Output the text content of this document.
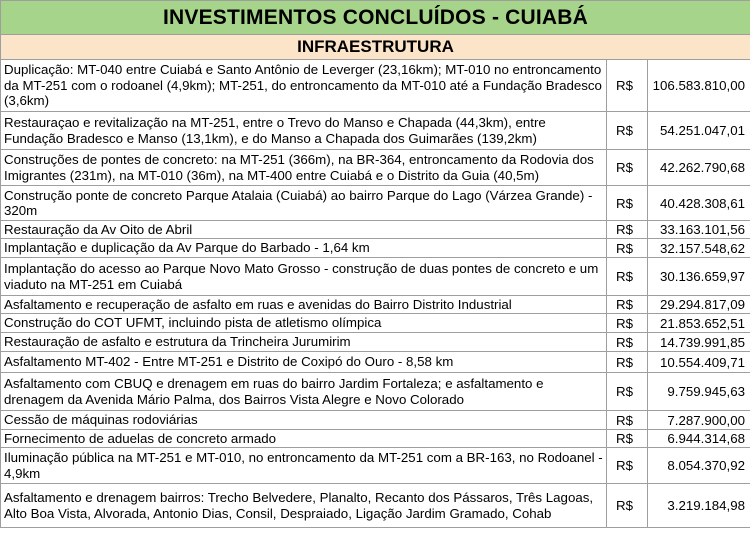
INVESTIMENTOS CONCLUÍDOS - CUIABÁ		
INFRAESTRUTURA		
Duplicação: MT-040 entre Cuiabá e Santo Antônio de Leverger (23,16km); MT-010 no entroncamento da MT-251 com o rodoanel (4,9km); MT-251, do entroncamento da MT-010 até a Fundação Bradesco (3,6km)	R$	106.583.810,00
Restauraçao e revitalização na MT-251, entre o Trevo do Manso e Chapada (44,3km), entre Fundação Bradesco e Manso (13,1km), e do Manso a Chapada dos Guimarães (139,2km)	R$	54.251.047,01
Construções de pontes de concreto: na MT-251 (366m), na BR-364, entroncamento da Rodovia dos Imigrantes (231m), na MT-010 (36m), na MT-400 entre Cuiabá e o Distrito da Guia (40,5m)	R$	42.262.790,68
Construção ponte de concreto Parque Atalaia (Cuiabá) ao bairro Parque do Lago (Várzea Grande) - 320m	R$	40.428.308,61
Restauração da Av Oito de Abril	R$	33.163.101,56
Implantação e duplicação da Av Parque do Barbado - 1,64 km	R$	32.157.548,62
Implantação do acesso ao Parque Novo Mato Grosso - construção de duas pontes de concreto e um viaduto na MT-251 em Cuiabá	R$	30.136.659,97
Asfaltamento e recuperação de asfalto em ruas e avenidas do Bairro Distrito Industrial	R$	29.294.817,09
Construção do COT UFMT, incluindo pista de atletismo olímpica	R$	21.853.652,51
Restauração de asfalto e estrutura da Trincheira Jurumirim	R$	14.739.991,85
Asfaltamento MT-402 - Entre MT-251 e Distrito de Coxipó do Ouro - 8,58 km	R$	10.554.409,71
Asfaltamento com CBUQ e drenagem em ruas do bairro Jardim Fortaleza; e asfaltamento e drenagem da Avenida Mário Palma, dos Bairros Vista Alegre e Novo Colorado	R$	9.759.945,63
Cessão de máquinas rodoviárias	R$	7.287.900,00
Fornecimento de aduelas de concreto armado	R$	6.944.314,68
Iluminação pública na MT-251 e MT-010, no entroncamento da MT-251 com a BR-163, no Rodoanel - 4,9km	R$	8.054.370,92
Asfaltamento e drenagem bairros: Trecho Belvedere, Planalto, Recanto dos Pássaros, Três Lagoas, Alto Boa Vista, Alvorada, Antonio Dias, Consil, Despraiado, Ligação Jardim Gramado, Cohab	R$	3.219.184,98
